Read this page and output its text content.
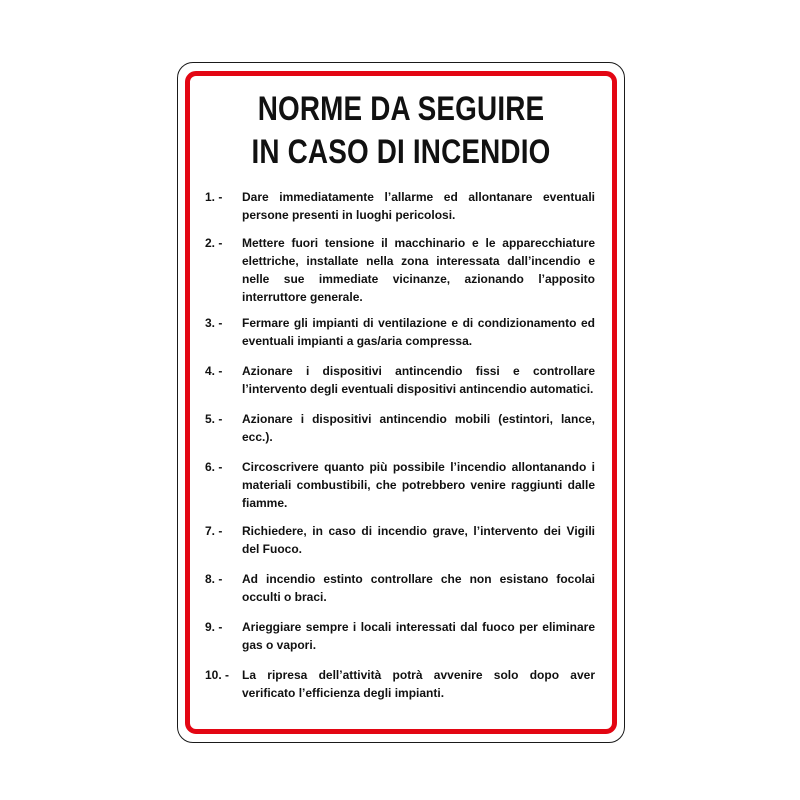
NORME DA SEGUIRE
IN CASO DI INCENDIO
1. -	Dare immediatamente l’allarme ed allontanare eventuali persone presenti in luoghi pericolosi.
2. -	Mettere fuori tensione il macchinario e le apparecchiature elettriche, installate nella zona interessata dall’incendio e nelle sue immediate vicinanze, azionando l’apposito interruttore generale.
3. -	Fermare gli impianti di ventilazione e di condizionamento ed eventuali impianti a gas/aria compressa.
4. -	Azionare i dispositivi antincendio fissi e controllare l’intervento degli eventuali dispositivi antincendio automatici.
5. -	Azionare i dispositivi antincendio mobili (estintori, lance, ecc.).
6. -	Circoscrivere quanto più possibile l’incendio allontanando i materiali combustibili, che potrebbero venire raggiunti dalle fiamme.
7. -	Richiedere, in caso di incendio grave, l’intervento dei Vigili del Fuoco.
8. -	Ad incendio estinto controllare che non esistano focolai occulti o braci.
9. -	Arieggiare sempre i locali interessati dal fuoco per eliminare gas o vapori.
10. -	La ripresa dell’attività potrà avvenire solo dopo aver verificato l’efficienza degli impianti.
